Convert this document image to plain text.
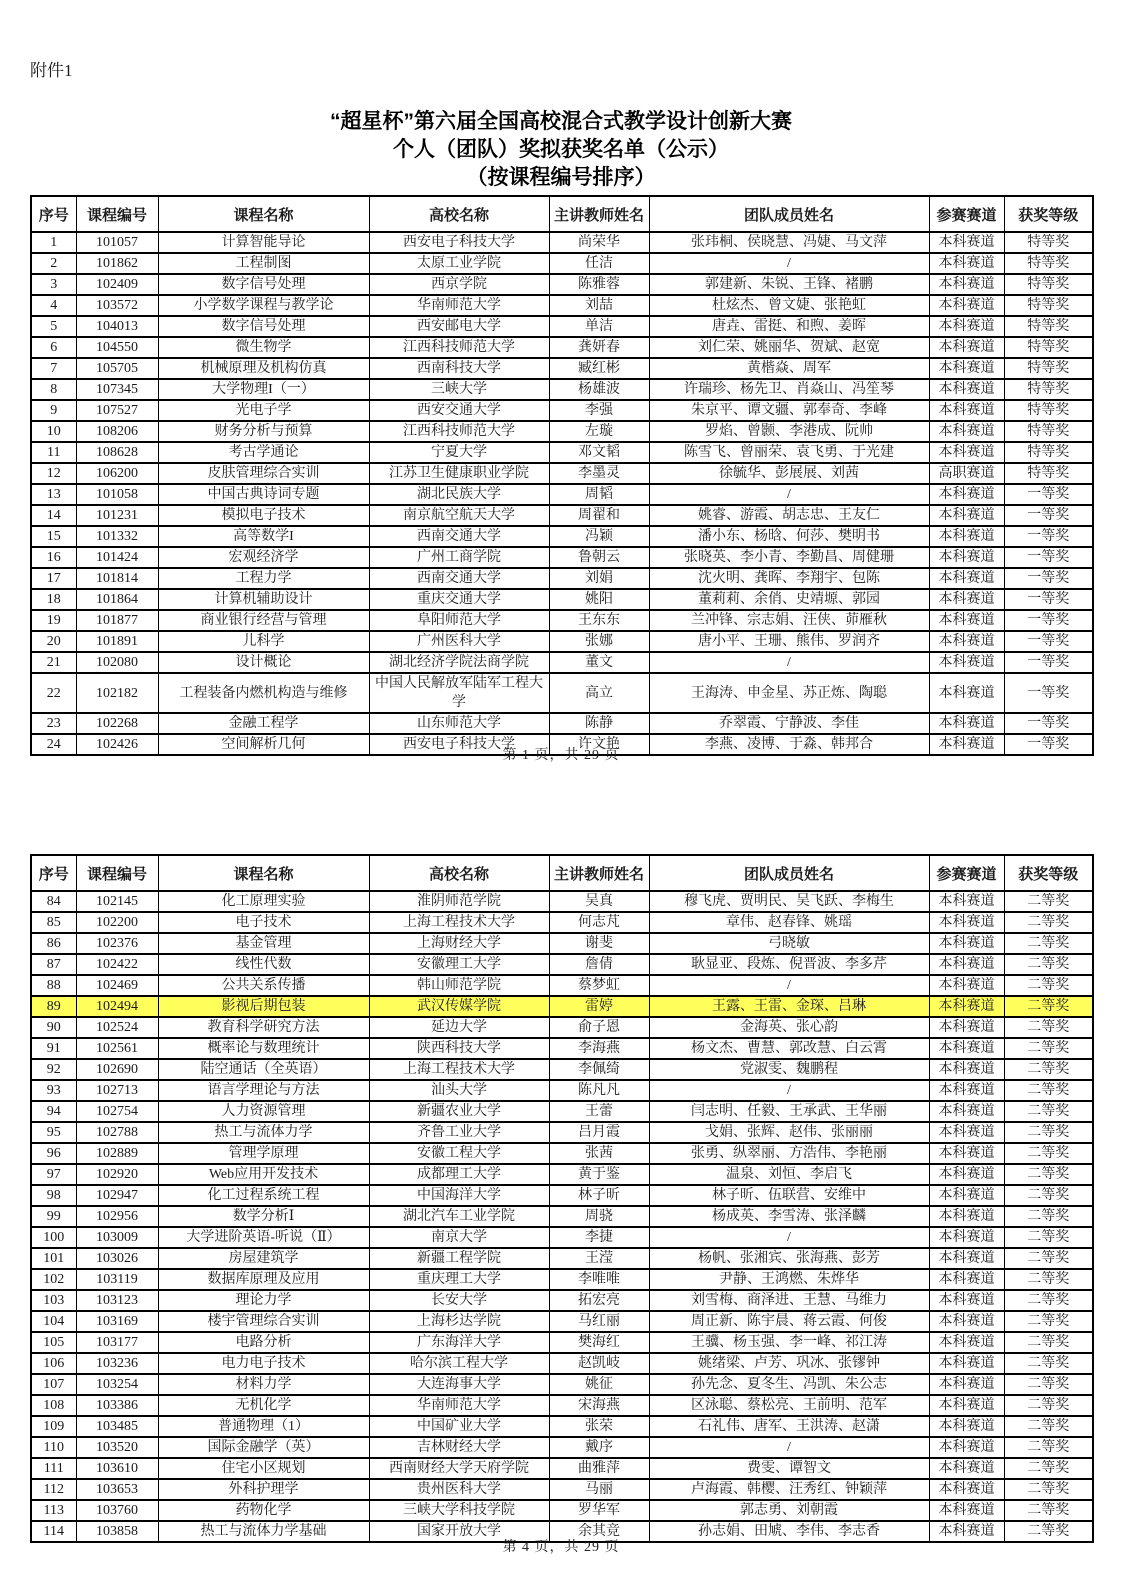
附件1
“超星杯”第六届全国高校混合式教学设计创新大赛
个人（团队）奖拟获奖名单（公示）
（按课程编号排序）
序号	课程编号	课程名称	高校名称	主讲教师姓名	团队成员姓名	参赛赛道	获奖等级
1	101057	计算智能导论	西安电子科技大学	尚荣华	张玮桐、侯晓慧、冯婕、马文萍	本科赛道	特等奖
2	101862	工程制图	太原工业学院	任洁	/	本科赛道	特等奖
3	102409	数字信号处理	西京学院	陈雅蓉	郭建新、朱锐、王锋、褚鹏	本科赛道	特等奖
4	103572	小学数学课程与教学论	华南师范大学	刘喆	杜炫杰、曾文婕、张艳虹	本科赛道	特等奖
5	104013	数字信号处理	西安邮电大学	单洁	唐垚、雷挺、和煦、姜晖	本科赛道	特等奖
6	104550	微生物学	江西科技师范大学	龚妍春	刘仁荣、姚丽华、贺斌、赵宽	本科赛道	特等奖
7	105705	机械原理及机构仿真	西南科技大学	臧红彬	黄楷焱、周军	本科赛道	特等奖
8	107345	大学物理I（一）	三峡大学	杨雄波	许瑞珍、杨先卫、肖焱山、冯笙琴	本科赛道	特等奖
9	107527	光电子学	西安交通大学	李强	朱京平、谭文疆、郭奉奇、李峰	本科赛道	特等奖
10	108206	财务分析与预算	江西科技师范大学	左璇	罗焰、曾颢、李港成、阮帅	本科赛道	特等奖
11	108628	考古学通论	宁夏大学	邓文韬	陈雪飞、曾丽荣、袁飞勇、于光建	本科赛道	特等奖
12	106200	皮肤管理综合实训	江苏卫生健康职业学院	李墨灵	徐毓华、彭展展、刘茜	高职赛道	特等奖
13	101058	中国古典诗词专题	湖北民族大学	周韬	/	本科赛道	一等奖
14	101231	模拟电子技术	南京航空航天大学	周翟和	姚睿、游霞、胡志忠、王友仁	本科赛道	一等奖
15	101332	高等数学I	西南交通大学	冯颖	潘小东、杨晗、何莎、樊明书	本科赛道	一等奖
16	101424	宏观经济学	广州工商学院	鲁朝云	张晓英、李小青、李勤昌、周健珊	本科赛道	一等奖
17	101814	工程力学	西南交通大学	刘娟	沈火明、龚晖、李翔宇、包陈	本科赛道	一等奖
18	101864	计算机辅助设计	重庆交通大学	姚阳	董莉莉、余俏、史靖塬、郭园	本科赛道	一等奖
19	101877	商业银行经营与管理	阜阳师范大学	王东东	兰冲锋、宗志娟、汪侠、茆雁秋	本科赛道	一等奖
20	101891	儿科学	广州医科大学	张娜	唐小平、王珊、熊伟、罗润齐	本科赛道	一等奖
21	102080	设计概论	湖北经济学院法商学院	董文	/	本科赛道	一等奖
22	102182	工程装备内燃机构造与维修	中国人民解放军陆军工程大学	高立	王海涛、申金星、苏正炼、陶聪	本科赛道	一等奖
23	102268	金融工程学	山东师范大学	陈静	乔翠霞、宁静波、李佳	本科赛道	一等奖
24	102426	空间解析几何	西安电子科技大学	许文艳	李燕、凌博、于淼、韩邦合	本科赛道	一等奖
第 1 页，共 29 页
序号	课程编号	课程名称	高校名称	主讲教师姓名	团队成员姓名	参赛赛道	获奖等级
84	102145	化工原理实验	淮阴师范学院	吴真	穆飞虎、贾明民、吴飞跃、李梅生	本科赛道	二等奖
85	102200	电子技术	上海工程技术大学	何志芃	章伟、赵春锋、姚瑶	本科赛道	二等奖
86	102376	基金管理	上海财经大学	谢斐	弓晓敏	本科赛道	二等奖
87	102422	线性代数	安徽理工大学	詹倩	耿显亚、段炼、倪晋波、李多芹	本科赛道	二等奖
88	102469	公共关系传播	韩山师范学院	蔡梦虹	/	本科赛道	二等奖
89	102494	影视后期包装	武汉传媒学院	雷婷	王露、王雷、金琛、吕琳	本科赛道	二等奖
90	102524	教育科学研究方法	延边大学	俞子恩	金海英、张心韵	本科赛道	二等奖
91	102561	概率论与数理统计	陕西科技大学	李海燕	杨文杰、曹慧、郭改慧、白云霄	本科赛道	二等奖
92	102690	陆空通话（全英语）	上海工程技术大学	李佩绮	党淑雯、魏鹏程	本科赛道	二等奖
93	102713	语言学理论与方法	汕头大学	陈凡凡	/	本科赛道	二等奖
94	102754	人力资源管理	新疆农业大学	王蕾	闫志明、任毅、王承武、王华丽	本科赛道	二等奖
95	102788	热工与流体力学	齐鲁工业大学	吕月霞	戈娟、张辉、赵伟、张丽丽	本科赛道	二等奖
96	102889	管理学原理	安徽工程大学	张茜	张勇、纵翠丽、方浩伟、李艳丽	本科赛道	二等奖
97	102920	Web应用开发技术	成都理工大学	黄于鉴	温泉、刘恒、李启飞	本科赛道	二等奖
98	102947	化工过程系统工程	中国海洋大学	林子昕	林子昕、伍联营、安维中	本科赛道	二等奖
99	102956	数学分析Ⅰ	湖北汽车工业学院	周骁	杨成英、李雪涛、张泽麟	本科赛道	二等奖
100	103009	大学进阶英语-听说（Ⅱ）	南京大学	李捷	/	本科赛道	二等奖
101	103026	房屋建筑学	新疆工程学院	王滢	杨帆、张湘宾、张海燕、彭芳	本科赛道	二等奖
102	103119	数据库原理及应用	重庆理工大学	李唯唯	尹静、王鸿燃、朱烨华	本科赛道	二等奖
103	103123	理论力学	长安大学	拓宏亮	刘雪梅、商泽进、王慧、马维力	本科赛道	二等奖
104	103169	楼宇管理综合实训	上海杉达学院	马红丽	周正新、陈宇晨、蒋云霞、何俊	本科赛道	二等奖
105	103177	电路分析	广东海洋大学	樊海红	王骥、杨玉强、李一峰、祁江涛	本科赛道	二等奖
106	103236	电力电子技术	哈尔滨工程大学	赵凯岐	姚绪梁、卢芳、巩冰、张镠钟	本科赛道	二等奖
107	103254	材料力学	大连海事大学	姚征	孙先念、夏冬生、冯凯、朱公志	本科赛道	二等奖
108	103386	无机化学	华南师范大学	宋海燕	区泳聪、蔡松亮、王前明、范军	本科赛道	二等奖
109	103485	普通物理（1）	中国矿业大学	张荣	石礼伟、唐军、王洪涛、赵潇	本科赛道	二等奖
110	103520	国际金融学（英）	吉林财经大学	戴序	/	本科赛道	二等奖
111	103610	住宅小区规划	西南财经大学天府学院	曲雅萍	费雯、谭智文	本科赛道	二等奖
112	103653	外科护理学	贵州医科大学	马丽	卢海霞、韩樱、汪秀红、钟颖萍	本科赛道	二等奖
113	103760	药物化学	三峡大学科技学院	罗华军	郭志勇、刘朝霞	本科赛道	二等奖
114	103858	热工与流体力学基础	国家开放大学	余其竞	孙志娟、田虓、李伟、李志香	本科赛道	二等奖
第 4 页，共 29 页
